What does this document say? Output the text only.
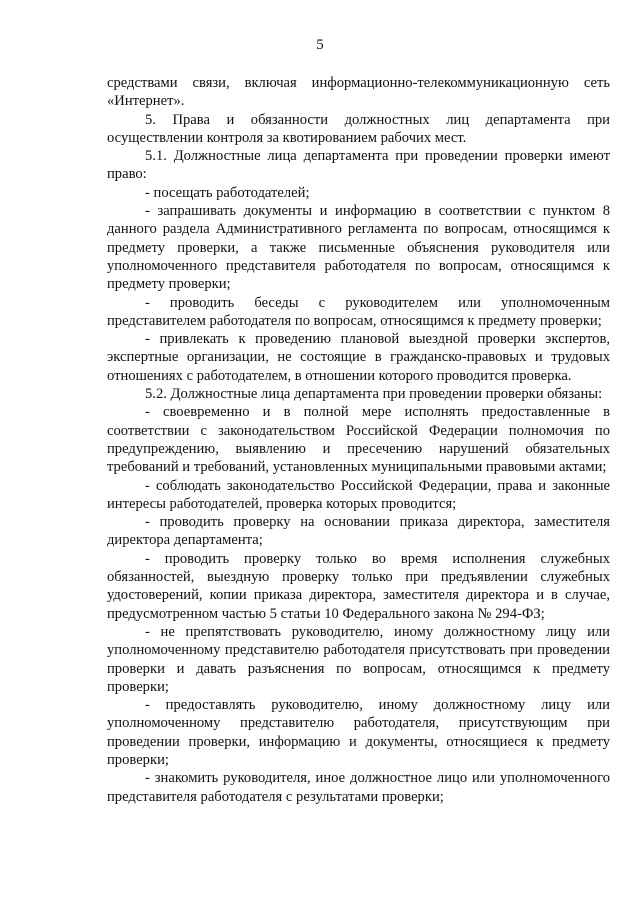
5

средствами связи, включая информационно-телекоммуникационную сеть «Интернет».

5. Права и обязанности должностных лиц департамента при осуществлении контроля за квотированием рабочих мест.

5.1. Должностные лица департамента при проведении проверки имеют право:

- посещать работодателей;

- запрашивать документы и информацию в соответствии с пунктом 8 данного раздела Административного регламента по вопросам, относящимся к предмету проверки, а также письменные объяснения руководителя или уполномоченного представителя работодателя по вопросам, относящимся к предмету проверки;

- проводить беседы с руководителем или уполномоченным представителем работодателя по вопросам, относящимся к предмету проверки;

- привлекать к проведению плановой выездной проверки экспертов, экспертные организации, не состоящие в гражданско-правовых и трудовых отношениях с работодателем, в отношении которого проводится проверка.

5.2. Должностные лица департамента при проведении проверки обязаны:

- своевременно и в полной мере исполнять предоставленные в соответствии с законодательством Российской Федерации полномочия по предупреждению, выявлению и пресечению нарушений обязательных требований и требований, установленных муниципальными правовыми актами;

- соблюдать законодательство Российской Федерации, права и законные интересы работодателей, проверка которых проводится;

- проводить проверку на основании приказа директора, заместителя директора департамента;

- проводить проверку только во время исполнения служебных обязанностей, выездную проверку только при предъявлении служебных удостоверений, копии приказа директора, заместителя директора и в случае, предусмотренном частью 5 статьи 10 Федерального закона № 294-ФЗ;

- не препятствовать руководителю, иному должностному лицу или уполномоченному представителю работодателя присутствовать при проведении проверки и давать разъяснения по вопросам, относящимся к предмету проверки;

- предоставлять руководителю, иному должностному лицу или уполномоченному представителю работодателя, присутствующим при проведении проверки, информацию и документы, относящиеся к предмету проверки;

- знакомить руководителя, иное должностное лицо или уполномоченного представителя работодателя с результатами проверки;
